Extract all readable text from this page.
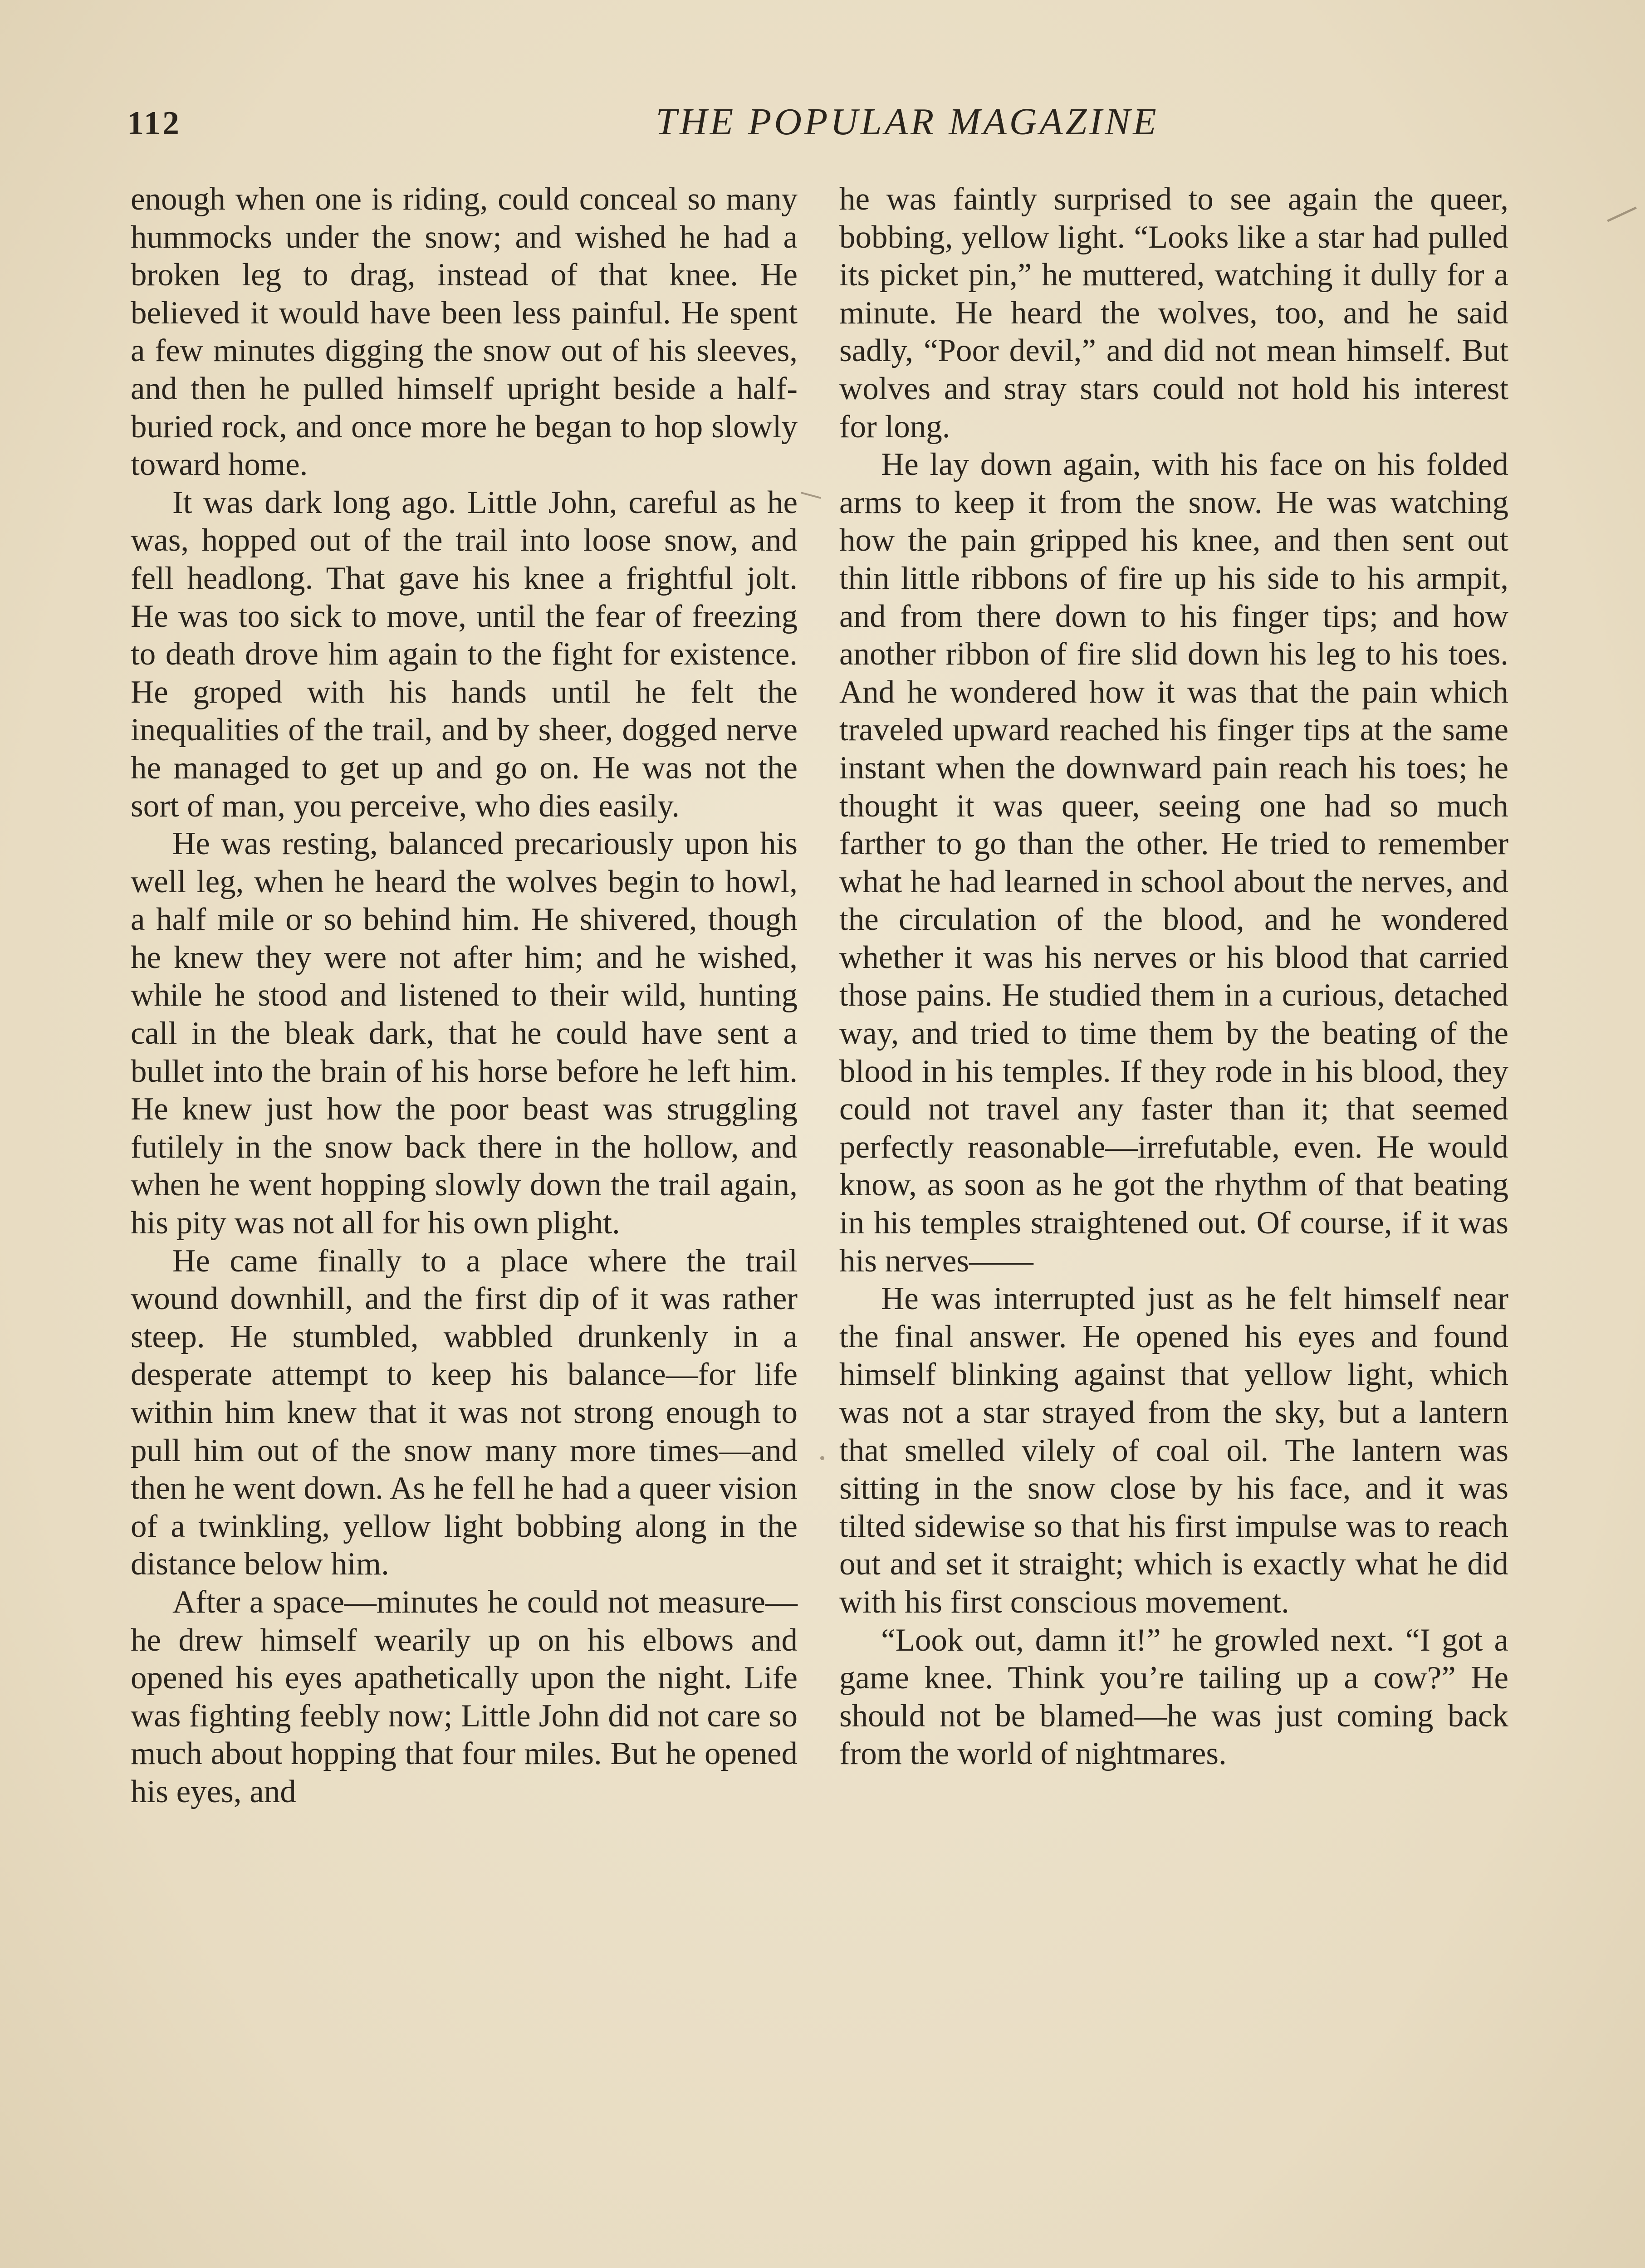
112	THE POPULAR MAGAZINE

enough when one is riding, could conceal so many hummocks under the snow; and wished he had a broken leg to drag, instead of that knee. He believed it would have been less painful. He spent a few minutes digging the snow out of his sleeves, and then he pulled himself upright beside a half-buried rock, and once more he began to hop slowly toward home.

It was dark long ago. Little John, careful as he was, hopped out of the trail into loose snow, and fell headlong. That gave his knee a frightful jolt. He was too sick to move, until the fear of freezing to death drove him again to the fight for existence. He groped with his hands until he felt the inequalities of the trail, and by sheer, dogged nerve he managed to get up and go on. He was not the sort of man, you perceive, who dies easily.

He was resting, balanced precariously upon his well leg, when he heard the wolves begin to howl, a half mile or so behind him. He shivered, though he knew they were not after him; and he wished, while he stood and listened to their wild, hunting call in the bleak dark, that he could have sent a bullet into the brain of his horse before he left him. He knew just how the poor beast was struggling futilely in the snow back there in the hollow, and when he went hopping slowly down the trail again, his pity was not all for his own plight.

He came finally to a place where the trail wound downhill, and the first dip of it was rather steep. He stumbled, wabbled drunkenly in a desperate attempt to keep his balance—for life within him knew that it was not strong enough to pull him out of the snow many more times—and then he went down. As he fell he had a queer vision of a twinkling, yellow light bobbing along in the distance below him.

After a space—minutes he could not measure—he drew himself wearily up on his elbows and opened his eyes apathetically upon the night. Life was fighting feebly now; Little John did not care so much about hopping that four miles. But he opened his eyes, and

he was faintly surprised to see again the queer, bobbing, yellow light. “Looks like a star had pulled its picket pin,” he muttered, watching it dully for a minute. He heard the wolves, too, and he said sadly, “Poor devil,” and did not mean himself. But wolves and stray stars could not hold his interest for long.

He lay down again, with his face on his folded arms to keep it from the snow. He was watching how the pain gripped his knee, and then sent out thin little ribbons of fire up his side to his armpit, and from there down to his finger tips; and how another ribbon of fire slid down his leg to his toes. And he wondered how it was that the pain which traveled upward reached his finger tips at the same instant when the downward pain reach his toes; he thought it was queer, seeing one had so much farther to go than the other. He tried to remember what he had learned in school about the nerves, and the circulation of the blood, and he wondered whether it was his nerves or his blood that carried those pains. He studied them in a curious, detached way, and tried to time them by the beating of the blood in his temples. If they rode in his blood, they could not travel any faster than it; that seemed perfectly reasonable—irrefutable, even. He would know, as soon as he got the rhythm of that beating in his temples straightened out. Of course, if it was his nerves——

He was interrupted just as he felt himself near the final answer. He opened his eyes and found himself blinking against that yellow light, which was not a star strayed from the sky, but a lantern that smelled vilely of coal oil. The lantern was sitting in the snow close by his face, and it was tilted sidewise so that his first impulse was to reach out and set it straight; which is exactly what he did with his first conscious movement.

“Look out, damn it!” he growled next. “I got a game knee. Think you’re tailing up a cow?” He should not be blamed—he was just coming back from the world of nightmares.
